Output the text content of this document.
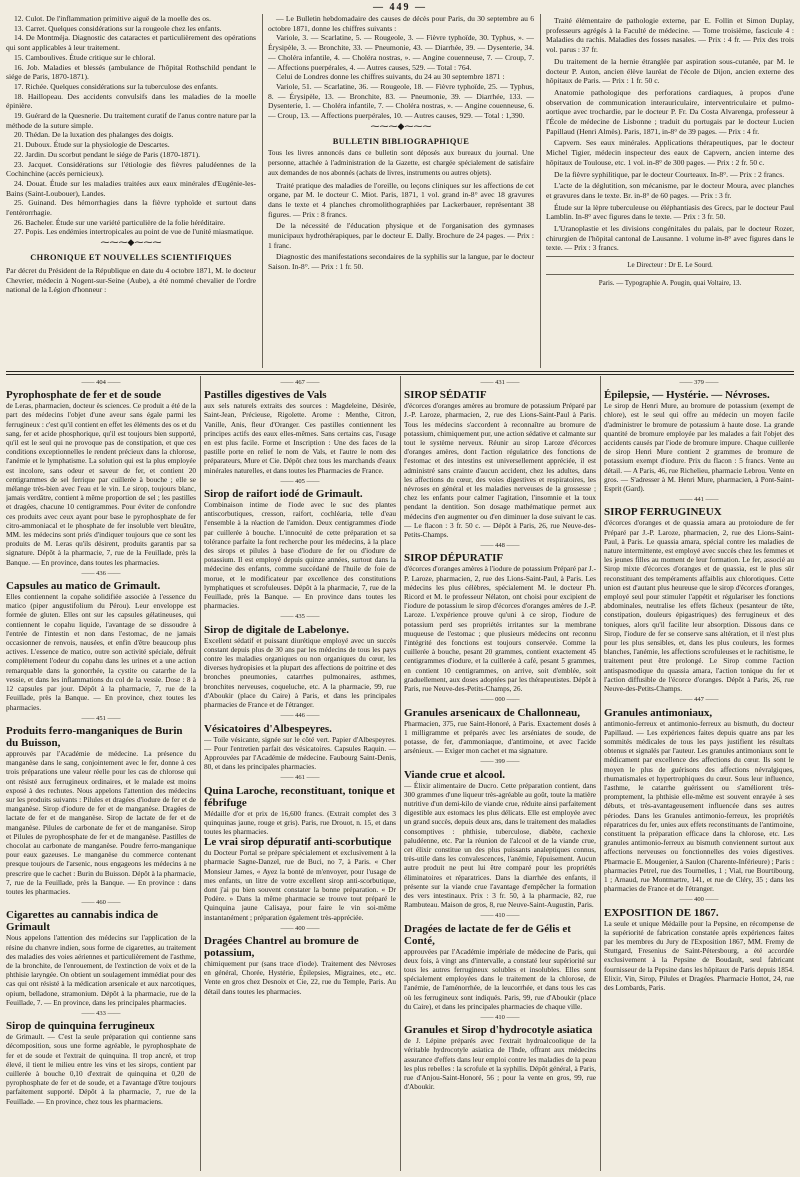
— 449 —

12. Culot. De l'inflammation primitive aiguë de la moelle des os.

13. Carret. Quelques considérations sur la rougeole chez les enfants.

14. De Montméja. Diagnostic des cataractes et particulièrement des opérations qui sont applicables à leur traitement.

15. Camboulives. Étude critique sur le chloral.

16. Job. Maladies et blessés (ambulance de l'hôpital Rothschild pendant le siége de Paris, 1870-1871).

17. Richée. Quelques considérations sur la tuberculose des enfants.

18. Haillopeau. Des accidents convulsifs dans les maladies de la moelle épinière.

19. Guérard de la Quesnerie. Du traitement curatif de l'anus contre nature par la méthode de la suture simple.

20. Thédan. De la luxation des phalanges des doigts.

21. Duboux. Étude sur la physiologie de Descartes.

22. Jardin. Du scorbut pendant le siége de Paris (1870-1871).

23. Jacquet. Considérations sur l'étiologie des fièvres paludéennes de la Cochinchine (accès pernicieux).

24. Douat. Étude sur les maladies traitées aux eaux minérales d'Eugénie-les-Bains (Saint-Loubouer), Landes.

25. Guinand. Des hémorrhagies dans la fièvre typhoïde et surtout dans l'entérorrhagie.

26. Bacheler. Étude sur une variété particulière de la folie héréditaire.

27. Popis. Les endémies intertropicales au point de vue de l'unité miasmatique.

⁓⁓⁓◆⁓⁓⁓
CHRONIQUE ET NOUVELLES SCIENTIFIQUES

Par décret du Président de la République en date du 4 octobre 1871, M. le docteur Chevrier, médecin à Nogent-sur-Seine (Aube), a été nommé chevalier de l'ordre national de la Légion d'honneur :

— Le Bulletin hebdomadaire des causes de décès pour Paris, du 30 septembre au 6 octobre 1871, donne les chiffres suivants :

Variole, 3. — Scarlatine, 5. — Rougeole, 3. — Fièvre typhoïde, 30. Typhus, ». — Érysipèle, 3. — Bronchite, 33. — Pneumonie, 43. — Diarrhée, 39. — Dysenterie, 34. — Choléra infantile, 4. — Choléra nostras, ». — Angine couenneuse, 7. — Croup, 7. — Affections puerpérales, 4. — Autres causes, 529. — Total : 764.

Celui de Londres donne les chiffres suivants, du 24 au 30 septembre 1871 :

Variole, 51. — Scarlatine, 36. — Rougeole, 18. — Fièvre typhoïde, 25. — Typhus, 8. — Érysipèle, 13. — Bronchite, 83. — Pneumonie, 39. — Diarrhée, 133. — Dysenterie, 1. — Choléra infantile, 7. — Choléra nostras, ». — Angine couenneuse, 6. — Croup, 13. — Affections puerpérales, 10. — Autres causes, 929. — Total : 1,390.

⁓⁓⁓◆⁓⁓⁓
BULLETIN BIBLIOGRAPHIQUE

Tous les livres annoncés dans ce bulletin sont déposés aux bureaux du journal. Une personne, attachée à l'administration de la Gazette, est chargée spécialement de satisfaire aux demandes de nos abonnés (achats de livres, instruments ou autres objets).

Traité pratique des maladies de l'oreille, ou leçons cliniques sur les affections de cet organe, par M. le docteur C. Miot. Paris, 1871, 1 vol. grand in-8° avec 18 gravures dans le texte et 4 planches chromolithographiées par Lackerbauer, représentant 38 figures. — Prix : 8 francs.

De la nécessité de l'éducation physique et de l'organisation des gymnases municipaux hydrothérapiques, par le docteur E. Dally. Brochure de 24 pages. — Prix : 1 franc.

Diagnostic des manifestations secondaires de la syphilis sur la langue, par le docteur Saison. In-8°. — Prix : 1 fr. 50.

Traité élémentaire de pathologie externe, par E. Follin et Simon Duplay, professeurs agrégés à la Faculté de médecine. — Tome troisième, fascicule 4 : Maladies du rachis. Maladies des fosses nasales. — Prix : 4 fr. — Prix des trois vol. parus : 37 fr.

Du traitement de la hernie étranglée par aspiration sous-cutanée, par M. le docteur P. Auton, ancien élève lauréat de l'école de Dijon, ancien externe des hôpitaux de Paris. — Prix : 1 fr. 50 c.

Anatomie pathologique des perforations cardiaques, à propos d'une observation de communication interauriculaire, interventriculaire et pulmo-aortique avec trochardie, par le docteur P. Fr. Da Costa Alvarenga, professeur à l'École de médecine de Lisbonne ; traduit du portugais par le docteur Lucien Papillaud (Henri Almès). Paris, 1871, in-8° de 39 pages. — Prix : 4 fr.

Capvern. Ses eaux minérales. Applications thérapeutiques, par le docteur Michel Tigier, médecin inspecteur des eaux de Capvern, ancien interne des hôpitaux de Toulouse, etc. 1 vol. in-8° de 300 pages. — Prix : 2 fr. 50 c.

De la fièvre syphilitique, par le docteur Courteaux. In-8°. — Prix : 2 francs.

L'acte de la déglutition, son mécanisme, par le docteur Moura, avec planches et gravures dans le texte. Br. in-8° de 60 pages. — Prix : 3 fr.

Étude sur la lèpre tuberculeuse ou éléphantiasis des Grecs, par le docteur Paul Lamblin. In-8° avec figures dans le texte. — Prix : 3 fr. 50.

L'Uranoplastie et les divisions congénitales du palais, par le docteur Rozer, chirurgien de l'hôpital cantonal de Lausanne. 1 volume in-8° avec figures dans le texte. — Prix : 3 francs.

Le Directeur : Dr E. Le Sourd.
Paris. — Typographie A. Pougin, quai Voltaire, 13.
—— 404 ——
Pyrophosphate de fer et de soude

de Leras, pharmacien, docteur ès sciences. Ce produit a été de la part des médecins l'objet d'une aveur sans égale parmi les ferrugineux : c'est qu'il contient en effet les éléments des os et du sang, fer et acide phosphorique, qu'il est toujours bien supporté, qu'il est le seul qui ne provoque pas de constipation, et que ces conditions exceptionnelles le rendent précieux dans la chlorose, l'anémie et le lymphatisme. La solution qui est la plus employée est incolore, sans odeur et saveur de fer, et contient 20 centigrammes de sel ferrique par cuillerée à bouche ; elle se mélange très-bien avec l'eau et le vin. Le sirop, toujours blanc, jamais verdâtre, contient à même proportion de sel ; les pastilles et dragées, chacune 10 centigrammes. Pour éviter de confondre ces produits avec ceux ayant pour base le pyrophosphate de fer citro-ammoniacal et le phosphate de fer insoluble vert bleuâtre, MM. les médecins sont priés d'indiquer toujours que ce sont les produits de M. Leras qu'ils désirent, produits garantis par sa signature. Dépôt à la pharmacie, 7, rue de la Feuillade, près la Banque. — En province, dans toutes les pharmacies.

—— 436 ——
Capsules au matico de Grimault.

Elles contiennent la copahe solidifiée associée à l'essence du matico (piper angustifolium du Pérou). Leur enveloppe est formée de gluten. Elles ont sur les capsules gélatineuses, qui contiennent le copahu liquide, l'avantage de se dissoudre à l'entrée de l'intestin et non dans l'estomac, de ne jamais occasionner de renvois, nausées, et enfin d'être beaucoup plus actives. L'essence de matico, outre son activité spéciale, défruit complètement l'odeur du copahu dans les urines et a une action remarquable dans la gonorrhée, la cystite ou catarrhe de la vessie, et dans les inflammations du col de la vessie. Dose : 8 à 12 capsules par jour. Dépôt à la pharmacie, 7, rue de la Feuillade, près la Banque. — En province, chez toutes les pharmacies.

—— 451 ——
Produits ferro-manganiques de Burin du Buisson,

approuvés par l'Académie de médecine. La présence du manganèse dans le sang, conjointement avec le fer, donne à ces trois préparations une valeur réelle pour les cas de chlorose qui ont résisté aux ferrugineux ordinaires, et le malade est moins exposé à des rechutes. Nous appelons l'attention des médecins sur les produits suivants : Pilules et dragées d'iodure de fer et de manganèse. Sirop d'iodure de fer et de manganèse. Dragées de lactate de fer et de manganèse. Sirop de lactate de fer et de manganèse. Pilules de carbonate de fer et de manganèse. Sirop et Pilules de pyrophosphate de fer et de manganèse. Pastilles de chocolat au carbonate de manganèse. Poudre ferro-manganique pour eaux gazeuses. Le manganèse du commerce contenant presque toujours de l'arsenic, nous engageons les médecins à ne prescrire que le cachet : Burin du Buisson. Dépôt à la pharmacie, 7, rue de la Feuillade, près la Banque. — En province : dans toutes les pharmacies.

—— 460 ——
Cigarettes au cannabis indica de Grimault

Nous appelons l'attention des médecins sur l'application de la résine du chanvre indien, sous forme de cigarettes, au traitement des maladies des voies aériennes et particulièrement de l'asthme, de la bronchite, de l'enrouement, de l'extinction de voix et de la phthisie laryngée. On obtient un soulagement immédiat pour des cas qui ont résisté à la médication arsenicale et aux narcotiques, opium, belladone, stramonium. Dépôt à la pharmacie, rue de la Feuillade, 7. — En province, dans les principales pharmacies.

—— 433 ——
Sirop de quinquina ferrugineux

de Grimault. — C'est la seule préparation qui contienne sans décomposition, sous une forme agréable, le pyrophosphate de fer et de soude et l'extrait de quinquina. Il trop ancré, et trop élevé, il tient le milieu entre les vins et les sirops, contient par cuillerée à bouche 0,10 d'extrait de quinquina et 0,20 de pyrophosphate de fer et de soude, et a l'avantage d'être toujours parfaitement supporté. Dépôt à la pharmacie, 7, rue de la Feuillade. — En province, chez tous les pharmaciens.

—— 467 ——
Pastilles digestives de Vals

aux sels naturels extraits des sources : Magdeleine, Désirée, Saint-Jean, Précieuse, Rigolette. Arome : Menthe, Citron, Vanille, Anis, fleur d'Oranger. Ces pastilles contiennent les principes actifs des eaux elles-mêmes. Sans certains cas, l'usage en est plus facile. Forme et Inscription : Une des faces de la pastille porte en relief le nom de Vals, et l'autre le nom des préparateurs, Mure et Cie. Dépôt chez tous les marchands d'eaux minérales naturelles, et dans toutes les Pharmacies de France.

—— 405 ——
Sirop de raifort iodé de Grimault.

Combinaison intime de l'iode avec le suc des plantes antiscorbutiques, cresson, raifort, cochléaria, telle d'eau l'ensemble à la réaction de l'amidon. Deux centigrammes d'iode par cuillerée à bouche. L'innocuité de cette préparation et sa tolérance parfaite la font recherche pour les médecins, à la place des sirops et pilules à base d'iodure de fer ou d'iodure de potassium. Il est employé depuis quinze années, surtout dans la médecine des enfants, comme succédané de l'huile de foie de morue, et le modificateur par excellence des constitutions lymphatiques et scrofuleuses. Dépôt à la pharmacie, 7, rue de la Feuillade, près la Banque. — En province dans toutes les pharmacies.

—— 435 ——
Sirop de digitale de Labelonye.

Excellent sédatif et puissant diurétique employé avec un succès constant depuis plus de 30 ans par les médecins de tous les pays contre les maladies organiques ou non organiques du cœur, les diverses hydropisies et la plupart des affections de poitrine et des bronches pneumonies, catarrhes pulmonaires, asthmes, bronchites nerveuses, coqueluche, etc. A la pharmacie, 99, rue d'Aboukir (place du Caire) à Paris, et dans les principales pharmacies de France et de l'étranger.

—— 446 ——
Vésicatoires d'Albespeyres.

— Toile vésicante, signée sur le côté vert. Papier d'Albespeyres. — Pour l'entretien parfait des vésicatoires. Capsules Raquin. — Approuvées par l'Académie de médecine. Faubourg Saint-Denis, 80, et dans les principales pharmacies.

—— 461 ——
Quina Laroche, reconstituant, tonique et fébrifuge

Médaille d'or et prix de 16,600 francs. (Extrait complet des 3 quinquinas jaune, rouge et gris). Paris, rue Drouot, n. 15, et dans toutes les pharmacies.

Le vrai sirop dépuratif anti-scorbutique

du Docteur Portal se prépare spécialement et exclusivement à la pharmacie Sagne-Danzel, rue de Buci, no 7, à Paris. « Cher Monsieur James, « Ayez la bonté de m'envoyer, pour l'usage de mes enfants, un litre de votre excellent sirop anti-scorbutique, dont j'ai pu bien souvent constater la bonne préparation. « Dr Podère. » Dans la même pharmacie se trouve tout préparé le Quinquina jaune Calisaya, pour faire le vin soi-même instantanément ; préparation également très-appréciée.

—— 400 ——
Dragées Chantrel au bromure de potassium,

chimiquement pur (sans trace d'iode). Traitement des Névroses en général, Chorée, Hystérie, Épilepsies, Migraines, etc., etc. Vente en gros chez Desnoix et Cie, 22, rue du Temple, Paris. Au détail dans toutes les pharmacies.

—— 431 ——
SIROP SÉDATIF

d'écorces d'oranges amères au bromure de potassium Préparé par J.-P. Laroze, pharmacien, 2, rue des Lions-Saint-Paul à Paris. Tous les médecins s'accordent à reconnaître au bromure de potassium, chimiquement pur, une action sédative et calmante sur tout le système nerveux. Réunir au sirop Laroze d'écorces d'oranges amères, dont l'action régulatrice des fonctions de l'estomac et des intestins est universellement appréciée, il est administré sans crainte d'aucun accident, chez les adultes, dans les affections du cœur, des voies digestives et respiratoires, les névroses en général et les maladies nerveuses de la grossesse ; chez les enfants pour calmer l'agitation, l'insomnie et la toux pendant la dentition. Son dosage mathématique permet aux médecins d'en augmenter ou d'en diminuer la dose suivant le cas. — Le flacon : 3 fr. 50 c. — Dépôt à Paris, 26, rue Neuve-des-Petits-Champs.

—— 448 ——
SIROP DÉPURATIF

d'écorces d'oranges amères à l'iodure de potassium Préparé par J.-P. Laroze, pharmacien, 2, rue des Lions-Saint-Paul, à Paris. Les médecins les plus célèbres, spécialement M. le docteur Ph. Ricord et M. le professeur Nélaton, ont choisi pour excipient de l'iodure de potassium le sirop d'écorces d'oranges amères de J.-P. Laroze. L'expérience prouve qu'uni à ce sirop, l'iodure de potassium perd ses propriétés irritantes sur la membrane muqueuse de l'estomac ; que plusieurs médecins ont reconnu l'intégrité des fonctions est toujours conservée. Comme la cuillerée à bouche, pesant 20 grammes, contient exactement 45 centigrammes d'iodure, et la cuillerée à café, pesant 5 grammes, en contient 10 centigrammes, on arrive, soit d'emblée, soit graduellement, aux doses adoptées par les thérapeutistes. Dépôt à Paris, rue Neuve-des-Petits-Champs, 26.

—— 000 ——
Granules arsenicaux de Challonneau,

Pharmacien, 375, rue Saint-Honoré, à Paris. Exactement dosés à 1 milligramme et préparés avec les arséniates de soude, de potasse, de fer, d'ammoniaque, d'antimoine, et avec l'acide arsénieux. — Exiger mon cachet et ma signature.

—— 399 ——
Viande crue et alcool.

— Élixir alimentaire de Ducro. Cette préparation contient, dans 300 grammes d'une liqueur très-agréable au goût, toute la matière nutritive d'un demi-kilo de viande crue, réduite ainsi parfaitement digestible aux estomacs les plus délicats. Elle est employée avec un grand succès, depuis deux ans, dans le traitement des maladies consomptives : phthisie, tuberculose, diabète, cachexie paludéenne, etc. Par la réunion de l'alcool et de la viande crue, cet élixir constitue un des plus puissants analeptiques connus, très-utile dans les convalescences, l'anémie, l'épuisement. Aucun autre produit ne peut lui être comparé pour les propriétés éliminatoires et réparatrices. Dans la diarrhée des enfants, il présente sur la viande crue l'avantage d'empêcher la formation des vers intestinaux. Prix : 3 fr. 50, à la pharmacie, 82, rue Rambuteau. Maison de gros, 8, rue Neuve-Saint-Augustin, Paris.

—— 410 ——
Dragées de lactate de fer de Gélis et Conté,

approuvées par l'Académie impériale de médecine de Paris, qui deux fois, à vingt ans d'intervalle, a constaté leur supériorité sur tous les autres ferrugineux solubles et insolubles. Elles sont spécialement employées dans le traitement de la chlorose, de l'anémie, de l'aménorrhée, de la leucorrhée, et dans tous les cas où les ferrugineux sont indiqués. Paris, 99, rue d'Aboukir (place du Caire), et dans les principales pharmacies de chaque ville.

—— 410 ——
Granules et Sirop d'hydrocotyle asiatica

de J. Lépine préparés avec l'extrait hydroalcoolique de la véritable hydrocotyle asiatica de l'Inde, offrant aux médecins assurance d'effets dans leur emploi contre les maladies de la peau les plus rebelles : la scrofule et la syphilis. Dépôt général, à Paris, rue d'Anjou-Saint-Honoré, 56 ; pour la vente en gros, 99, rue d'Aboukir.

—— 379 ——
Épilepsie, — Hystérie. — Névroses.

Le sirop de Henri Mure, au bromure de potassium (exempt de chlore), est le seul qui offre au médecin un moyen facile d'administrer le bromure de potassium à haute dose. La grande quantité de bromure employée par les malades a fait l'objet des accidents causés par l'iode de bromure impure. Chaque cuillerée de sirop Henri Mure contient 2 grammes de bromure de potassium exempt d'iodure. Prix du flacon : 5 francs. Vente au détail. — A Paris, 46, rue Richelieu, pharmacie Lebrou. Vente en gros. — S'adresser à M. Henri Mure, pharmacien, à Pont-Saint-Esprit (Gard).

—— 441 ——
SIROP FERRUGINEUX

d'écorces d'oranges et de quassia amara au protoiodure de fer Préparé par J.-P. Laroze, pharmacien, 2, rue des Lions-Saint-Paul, à Paris. Le quassia amara, spécial contre les maladies de nature intermittente, est employé avec succès chez les femmes et les jeunes filles au moment de leur formation. Le fer, associé au Sirop mixte d'écorces d'oranges et de quassia, est le plus sûr reconstituant des tempéraments affaiblis aux chlorotiques. Cette union est d'autant plus heureuse que le sirop d'écorces d'oranges, employé seul pour stimuler l'appétit et régulariser les fonctions abdominales, neutralise les effets fâcheux (pesanteur de tête, constipation, douleurs épigastriques) des ferrugineux et des toniques, alors qu'il facilite leur absorption. Dissous dans ce Sirop, l'iodure de fer se conserve sans altération, et il n'est plus pour les plus sensibles, et, dans les plus couleurs, les formes blanches, l'anémie, les affections scrofuleuses et le rachitisme, le traitement peut être prolongé. Le Sirop comme l'action antispasmodique du quassia amara, l'action tonique du fer et l'action diffusible de l'écorce d'oranges. Dépôt à Paris, 26, rue Neuve-des-Petits-Champs.

—— 447 ——
Granules antimoniaux,

antimonio-ferreux et antimonio-ferreux au bismuth, du docteur Papillaud. — Les expériences faites depuis quatre ans par les sommités médicales de tous les pays justifient les résultats obtenus et signalés par l'auteur. Les granules antimoniaux sont le médicament par excellence des affections du cœur. Ils sont le moyen le plus de guérisons des affections névralgiques, rhumatismales et hypertrophiques du cœur. Sous leur influence, l'asthme, le catarrhe guérissent ou s'améliorent très-promptement, la phthisie elle-même est souvent enrayée à ses débuts, et très-avantageusement influencée dans ses autres périodes. Dans les Granules antimonio-ferreux, les propriétés réparatrices du fer, unies aux effets reconstituants de l'antimoine, constituent la préparation efficace dans la chlorose, etc. Les granules antimonio-ferreux au bismuth conviennent surtout aux affections nerveuses ou fonctionnelles des voies digestives. Pharmacie E. Mougenier, à Saulon (Charente-Inférieure) ; Paris : pharmacies Petrel, rue des Tournelles, 1 ; Vial, rue Bourtibourg, 1 ; Arnaud, rue Montmartre, 141, et rue de Cléry, 35 ; dans les pharmacies de France et de l'étranger.

—— 400 ——
EXPOSITION DE 1867.

La seule et unique Médaille pour la Pepsine, en récompense de la supériorité de fabrication constatée après expériences faites par les membres du Jury de l'Exposition 1867, MM. Fremy de Stuttgard, Fresenius de Saint-Pétersbourg, a été accordée exclusivement à la Pepsine de Boudault, seul fabricant fournisseur de la Pepsine dans les hôpitaux de Paris depuis 1854. Elixir, Vin, Sirop, Pilules et Dragées. Pharmacie Hottot, 24, rue des Lombards, Paris.
